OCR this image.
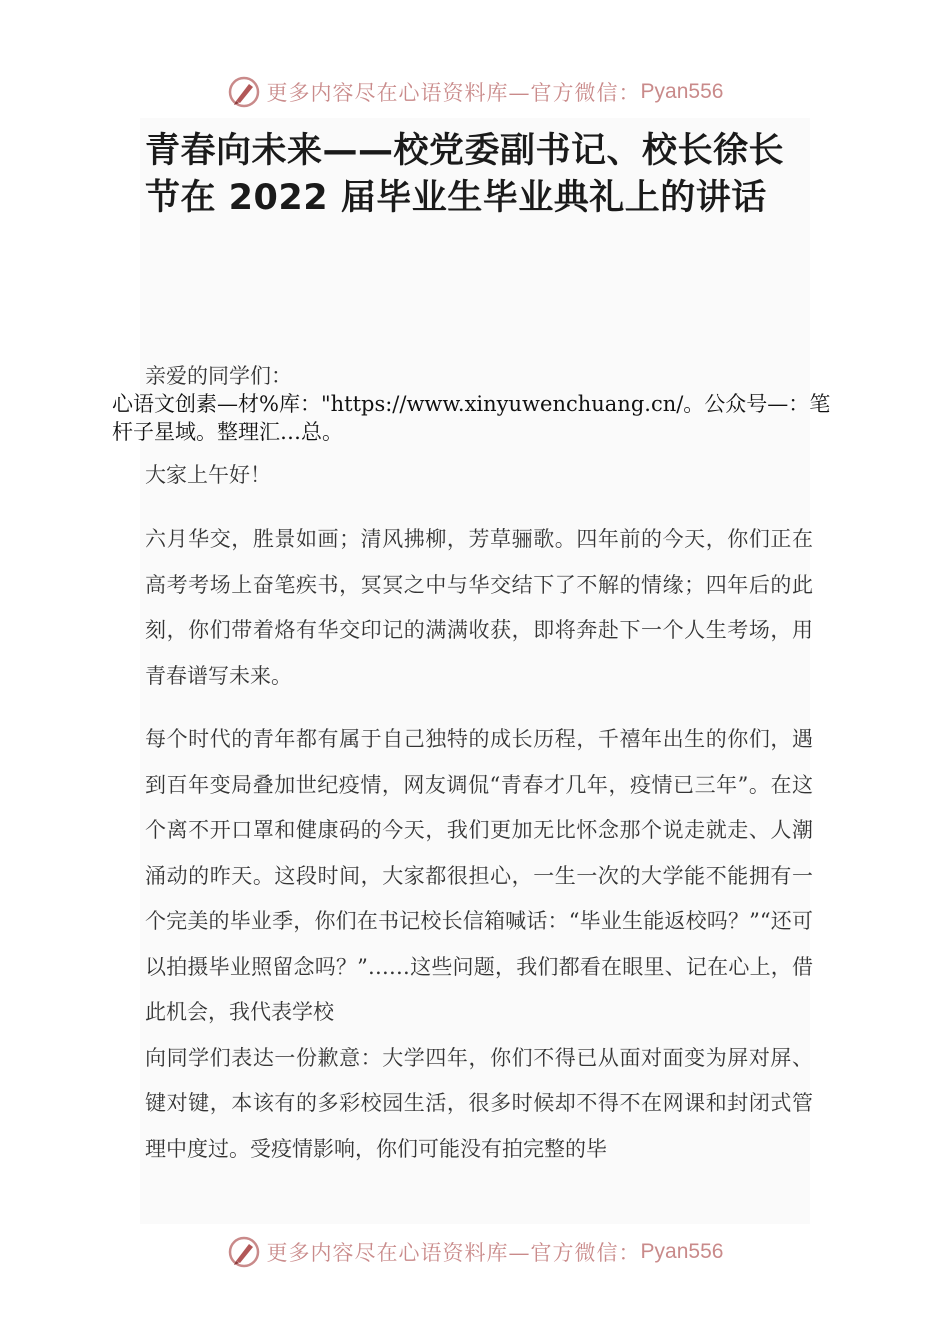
更多内容尽在心语资料库—官方微信： Pyan556
青春向未来——校党委副书记、校长徐长节在 2022 届毕业生毕业典礼上的讲话
亲爱的同学们：
心语文创素—材%库："https://www.xinyuwenchuang.cn/。公众号—：笔杆子星域。整理汇…总。
大家上午好！
六月华交，胜景如画；清风拂柳，芳草骊歌。四年前的今天，你们正在高考考场上奋笔疾书，冥冥之中与华交结下了不解的情缘；四年后的此刻，你们带着烙有华交印记的满满收获，即将奔赴下一个人生考场，用青春谱写未来。
每个时代的青年都有属于自己独特的成长历程，千禧年出生的你们，遇到百年变局叠加世纪疫情，网友调侃“青春才几年，疫情已三年”。在这个离不开口罩和健康码的今天，我们更加无比怀念那个说走就走、人潮涌动的昨天。这段时间，大家都很担心，一生一次的大学能不能拥有一个完美的毕业季，你们在书记校长信箱喊话：“毕业生能返校吗？”“还可以拍摄毕业照留念吗？”……这些问题，我们都看在眼里、记在心上，借此机会，我代表学校
向同学们表达一份歉意：大学四年，你们不得已从面对面变为屏对屏、键对键，本该有的多彩校园生活，很多时候却不得不在网课和封闭式管理中度过。受疫情影响，你们可能没有拍完整的毕
更多内容尽在心语资料库—官方微信： Pyan556
